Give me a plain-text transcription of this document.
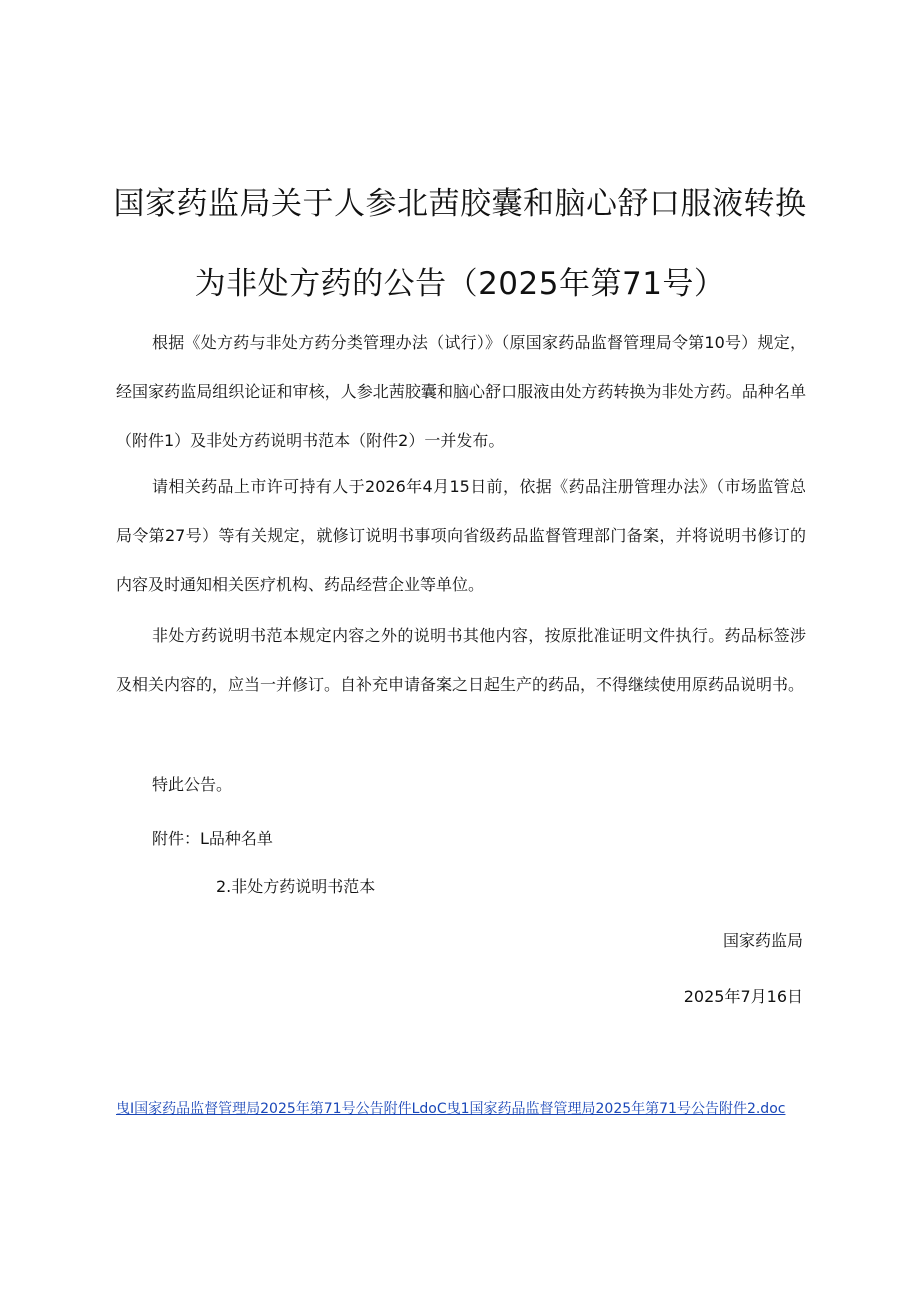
国家药监局关于人参北茜胶囊和脑心舒口服液转换
为非处方药的公告（2025年第71号）

根据《处方药与非处方药分类管理办法（试行）》（原国家药品监督管理局令第10号）规定，经国家药监局组织论证和审核，人参北茜胶囊和脑心舒口服液由处方药转换为非处方药。品种名单（附件1）及非处方药说明书范本（附件2）一并发布。

请相关药品上市许可持有人于2026年4月15日前，依据《药品注册管理办法》（市场监管总局令第27号）等有关规定，就修订说明书事项向省级药品监督管理部门备案，并将说明书修订的内容及时通知相关医疗机构、药品经营企业等单位。

非处方药说明书范本规定内容之外的说明书其他内容，按原批准证明文件执行。药品标签涉及相关内容的，应当一并修订。自补充申请备案之日起生产的药品，不得继续使用原药品说明书。

特此公告。

附件：L品种名单

2.非处方药说明书范本

国家药监局

2025年7月16日

曳I国家药品监督管理局2025年第71号公告附件LdoC曳1国家药品监督管理局2025年第71号公告附件2.doc
